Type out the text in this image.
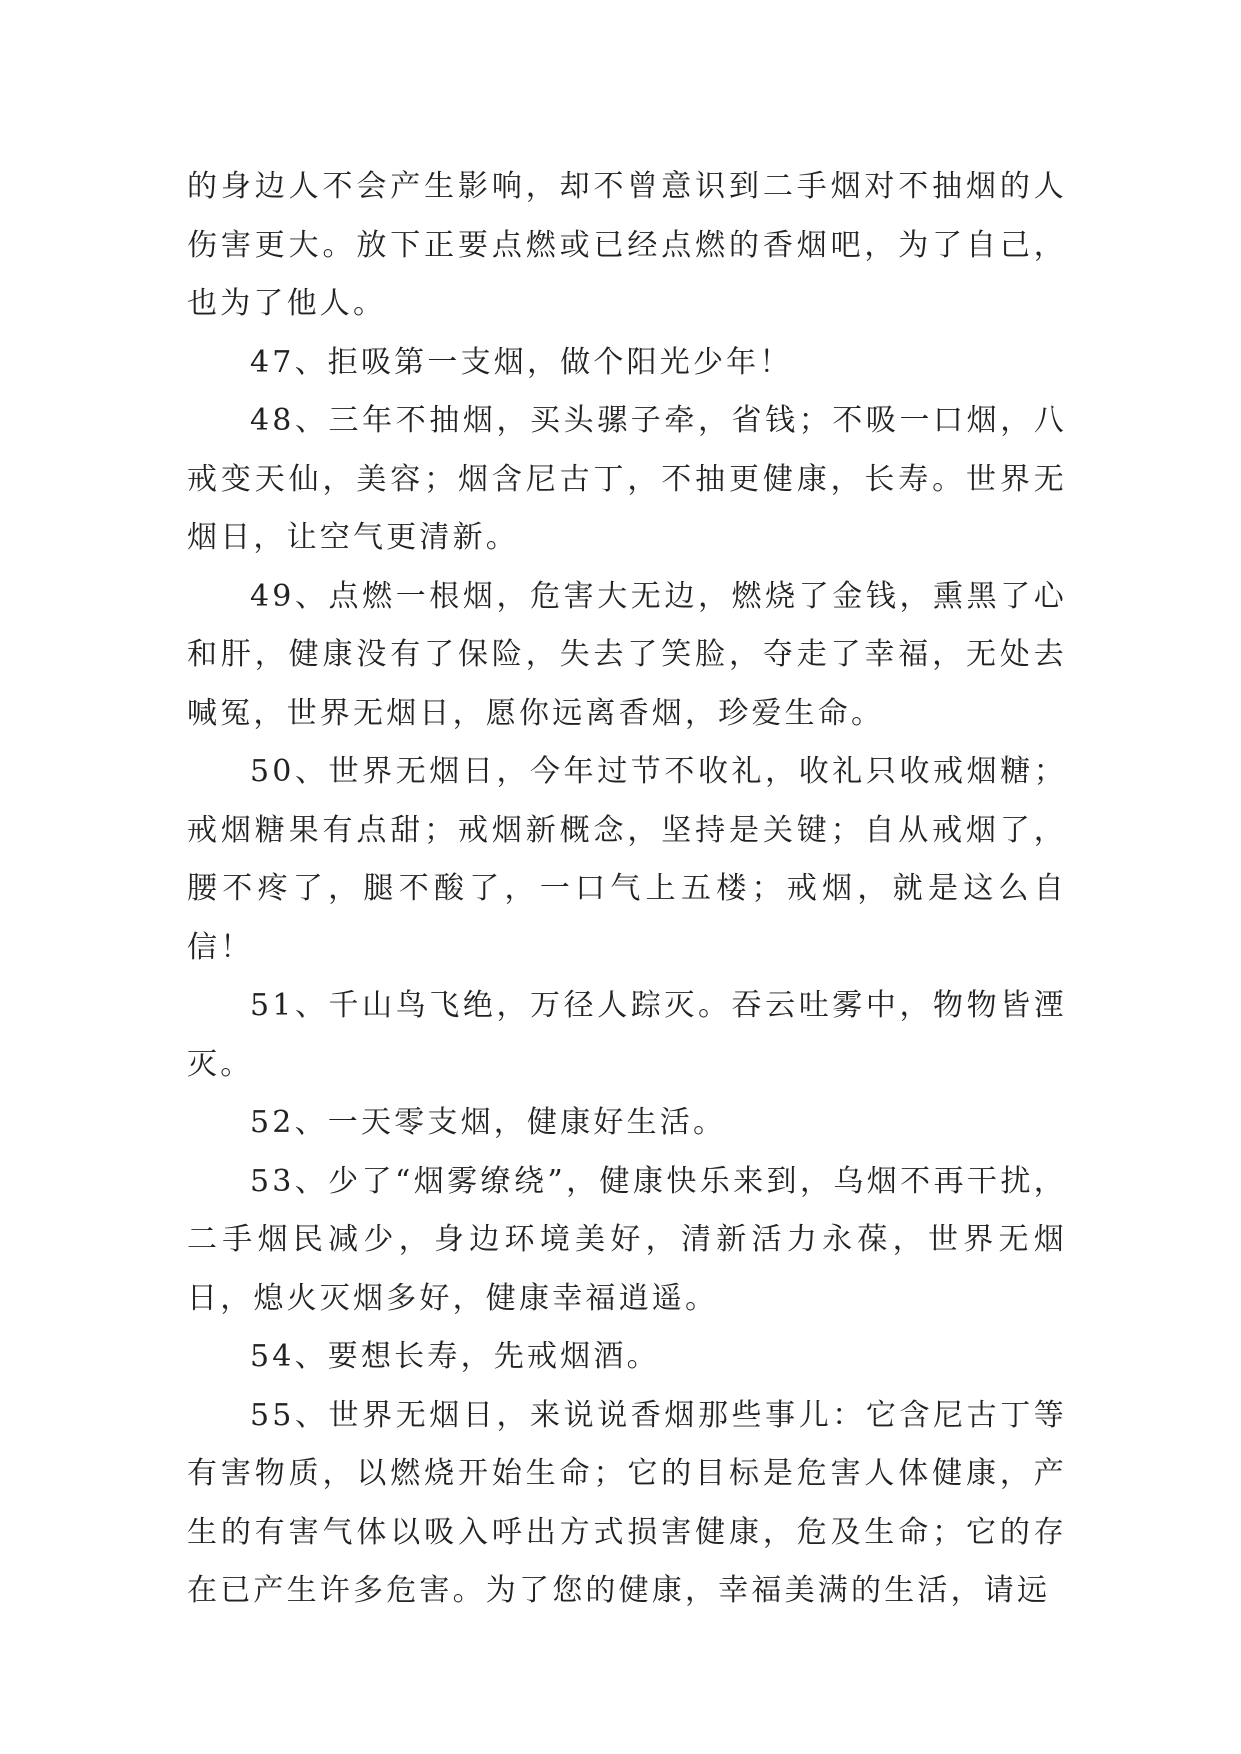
的身边人不会产生影响，却不曾意识到二手烟对不抽烟的人伤害更大。放下正要点燃或已经点燃的香烟吧，为了自己，也为了他人。

47、拒吸第一支烟，做个阳光少年！

48、三年不抽烟，买头骡子牵，省钱；不吸一口烟，八戒变天仙，美容；烟含尼古丁，不抽更健康，长寿。世界无烟日，让空气更清新。

49、点燃一根烟，危害大无边，燃烧了金钱，熏黑了心和肝，健康没有了保险，失去了笑脸，夺走了幸福，无处去喊冤，世界无烟日，愿你远离香烟，珍爱生命。

50、世界无烟日，今年过节不收礼，收礼只收戒烟糖；戒烟糖果有点甜；戒烟新概念，坚持是关键；自从戒烟了，腰不疼了，腿不酸了，一口气上五楼；戒烟，就是这么自信！

51、千山鸟飞绝，万径人踪灭。吞云吐雾中，物物皆湮灭。

52、一天零支烟，健康好生活。

53、少了“烟雾缭绕”，健康快乐来到，乌烟不再干扰，二手烟民减少，身边环境美好，清新活力永葆，世界无烟日，熄火灭烟多好，健康幸福逍遥。

54、要想长寿，先戒烟酒。

55、世界无烟日，来说说香烟那些事儿：它含尼古丁等有害物质，以燃烧开始生命；它的目标是危害人体健康，产生的有害气体以吸入呼出方式损害健康，危及生命；它的存在已产生许多危害。为了您的健康，幸福美满的生活，请远
